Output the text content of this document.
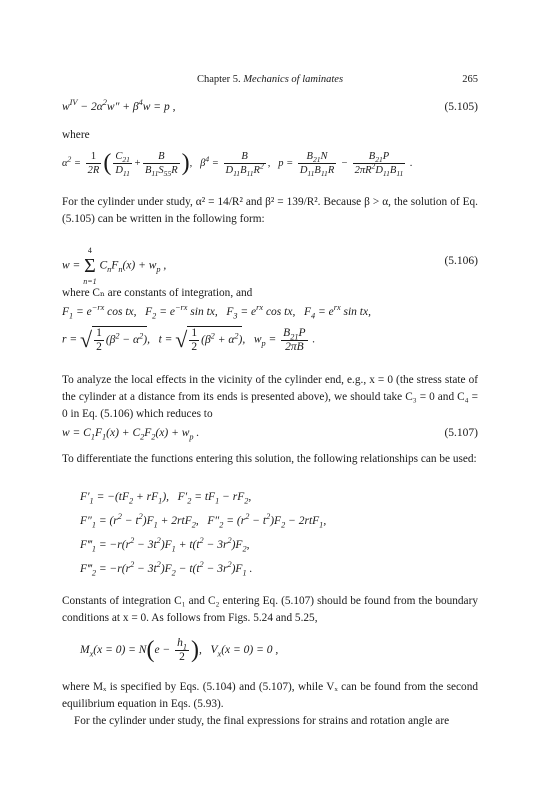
Chapter 5. Mechanics of laminates	265
$w^{IV} - 2\alpha^2w'' + \beta^4w = p$ ,	(5.105)
where
$\alpha^2 = \frac{1}{2R}$ ( $\frac{C_{21}}{D_{11}} + \frac{B}{B_{11}S_{55}R}$ ),   $\beta^4 = \frac{B}{D_{11}B_{11}R^2}$ ,   $p = \frac{B_{21}N}{D_{11}B_{11}R} - \frac{B_{21}P}{2\pi R^2D_{11}B_{11}}$ .
For the cylinder under study, α² = 14/R² and β² = 139/R². Because β > α, the solution of Eq. (5.105) can be written in the following form:
w = 4
Σ
n=1 $C_nF_n(x) + w_p$ ,	(5.106)
where Cₙ are constants of integration, and
$F_1 = e^{-rx}$ cos tx,   $F_2 = e^{-rx}$ sin tx,   $F_3 = e^{rx}$ cos tx,   $F_4 = e^{rx}$ sin tx,
r = √ $\frac{1}{2} (\beta^2 - \alpha^2)$,   t = √ $\frac{1}{2} (\beta^2 + \alpha^2)$,   $w_p = \frac{B_{21}P}{2\pi B}$ .
To analyze the local effects in the vicinity of the cylinder end, e.g., x = 0 (the stress state of the cylinder at a distance from its ends is presented above), we should take C₃ = 0 and C₄ = 0 in Eq. (5.106) which reduces to
$w = C_1F_1(x) + C_2F_2(x) + w_p$ .	(5.107)
To differentiate the functions entering this solution, the following relationships can be used:
$F'_1 = -(tF_2 + rF_1)$,   $F'_2 = tF_1 - rF_2$,
$F''_1 = (r^2 - t^2)F_1 + 2rtF_2$,   $F''_2 = (r^2 - t^2)F_2 - 2rtF_1$,
$F‴_1 = -r(r^2 - 3t^2)F_1 + t(t^2 - 3r^2)F_2$,
$F‴_2 = -r(r^2 - 3t^2)F_2 - t(t^2 - 3r^2)F_1$ .
Constants of integration C₁ and C₂ entering Eq. (5.107) should be found from the boundary conditions at x = 0. As follows from Figs. 5.24 and 5.25,
$M_x(x = 0) = N(e - \frac{h_1}{2}$ ),   $V_x(x = 0) = 0$ ,
where Mₓ is specified by Eqs. (5.104) and (5.107), while Vₓ can be found from the second equilibrium equation in Eqs. (5.93).
For the cylinder under study, the final expressions for strains and rotation angle are
